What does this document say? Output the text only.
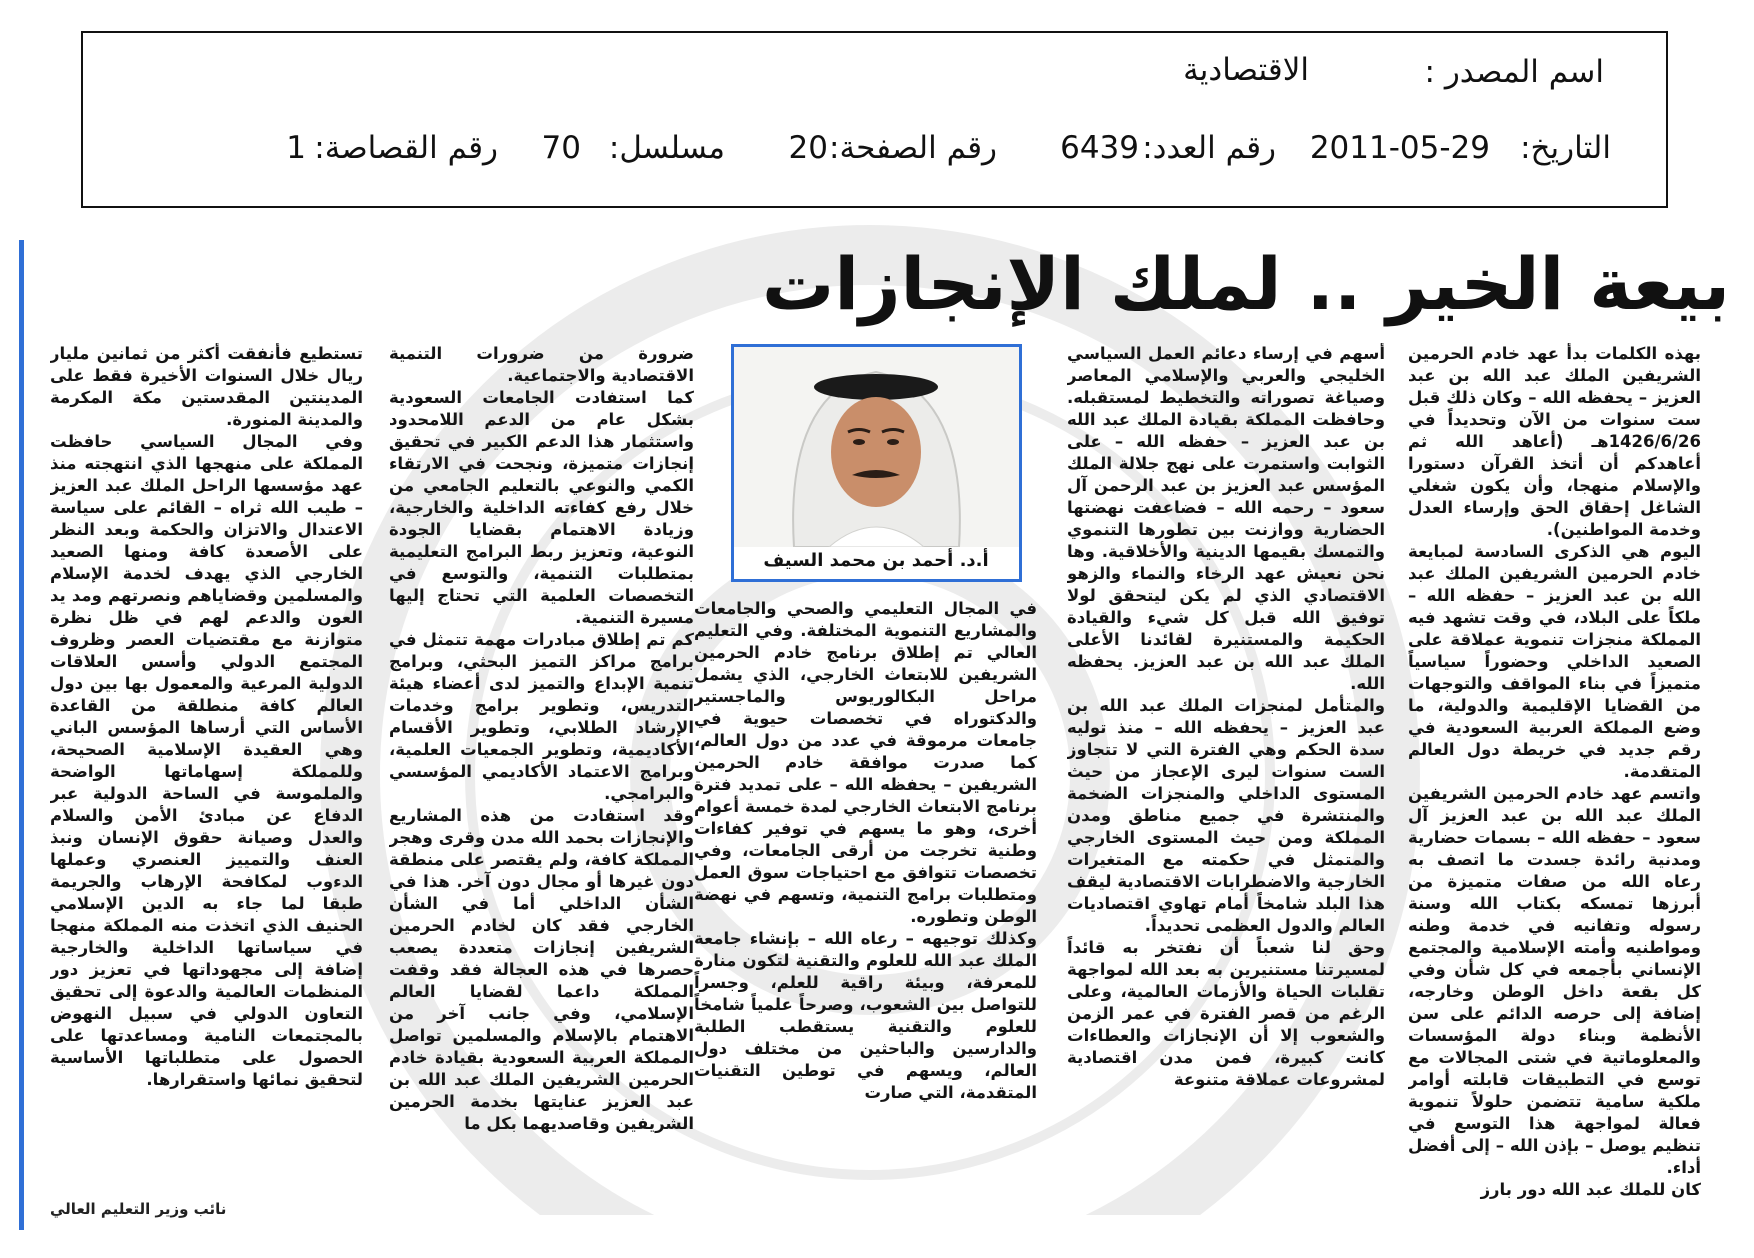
اسم المصدر :
الاقتصادية
التاريخ:
2011-05-29
رقم العدد:
6439
رقم الصفحة:
20
مسلسل:
70
رقم القصاصة:
1
بيعة الخير .. لملك الإنجازات
بهذه الكلمات بدأ عهد خادم الحرمين الشريفين الملك عبد الله بن عبد العزيز – يحفظه الله – وكان ذلك قبل ست سنوات من الآن وتحديداً في 1426/6/26هـ (أعاهد الله ثم أعاهدكم أن أتخذ القرآن دستورا والإسلام منهجا، وأن يكون شغلي الشاغل إحقاق الحق وإرساء العدل وخدمة المواطنين).
اليوم هي الذكرى السادسة لمبايعة خادم الحرمين الشريفين الملك عبد الله بن عبد العزيز – حفظه الله – ملكاً على البلاد، في وقت تشهد فيه المملكة منجزات تنموية عملاقة على الصعيد الداخلي وحضوراً سياسياً متميزاً في بناء المواقف والتوجهات من القضايا الإقليمية والدولية، ما وضع المملكة العربية السعودية في رقم جديد في خريطة دول العالم المتقدمة.
واتسم عهد خادم الحرمين الشريفين الملك عبد الله بن عبد العزيز آل سعود – حفظه الله – بسمات حضارية ومدنية رائدة جسدت ما اتصف به رعاه الله من صفات متميزة من أبرزها تمسكه بكتاب الله وسنة رسوله وتفانيه في خدمة وطنه ومواطنيه وأمته الإسلامية والمجتمع الإنساني بأجمعه في كل شأن وفي كل بقعة داخل الوطن وخارجه، إضافة إلى حرصه الدائم على سن الأنظمة وبناء دولة المؤسسات والمعلوماتية في شتى المجالات مع توسع في التطبيقات قابلته أوامر ملكية سامية تتضمن حلولاً تنموية فعالة لمواجهة هذا التوسع في تنظيم يوصل – بإذن الله – إلى أفضل أداء.
كان للملك عبد الله دور بارز
أسهم في إرساء دعائم العمل السياسي الخليجي والعربي والإسلامي المعاصر وصياغة تصوراته والتخطيط لمستقبله. وحافظت المملكة بقيادة الملك عبد الله بن عبد العزيز – حفظه الله – على الثوابت واستمرت على نهج جلالة الملك المؤسس عبد العزيز بن عبد الرحمن آل سعود – رحمه الله – فضاعفت نهضتها الحضارية ووازنت بين تطورها التنموي والتمسك بقيمها الدينية والأخلاقية. وها نحن نعيش عهد الرخاء والنماء والزهو الاقتصادي الذي لم يكن ليتحقق لولا توفيق الله قبل كل شيء والقيادة الحكيمة والمستنيرة لقائدنا الأعلى الملك عبد الله بن عبد العزيز. يحفظه الله.
والمتأمل لمنجزات الملك عبد الله بن عبد العزيز – يحفظه الله – منذ توليه سدة الحكم وهي الفترة التي لا تتجاوز الست سنوات ليرى الإعجاز من حيث المستوى الداخلي والمنجزات الضخمة والمنتشرة في جميع مناطق ومدن المملكة ومن حيث المستوى الخارجي والمتمثل في حكمته مع المتغيرات الخارجية والاضطرابات الاقتصادية ليقف هذا البلد شامخاً أمام تهاوي اقتصاديات العالم والدول العظمى تحديداً.
وحق لنا شعباً أن نفتخر به قائداً لمسيرتنا مستنيرين به بعد الله لمواجهة تقلبات الحياة والأزمات العالمية، وعلى الرغم من قصر الفترة في عمر الزمن والشعوب إلا أن الإنجازات والعطاءات كانت كبيرة، فمن مدن اقتصادية لمشروعات عملاقة متنوعة
في المجال التعليمي والصحي والجامعات والمشاريع التنموية المختلفة. وفي التعليم العالي تم إطلاق برنامج خادم الحرمين الشريفين للابتعاث الخارجي، الذي يشمل مراحل البكالوريوس والماجستير والدكتوراه في تخصصات حيوية في جامعات مرموقة في عدد من دول العالم، كما صدرت موافقة خادم الحرمين الشريفين – يحفظه الله – على تمديد فترة برنامج الابتعاث الخارجي لمدة خمسة أعوام أخرى، وهو ما يسهم في توفير كفاءات وطنية تخرجت من أرقى الجامعات، وفي تخصصات تتوافق مع احتياجات سوق العمل ومتطلبات برامج التنمية، وتسهم في نهضة الوطن وتطوره.
وكذلك توجيهه – رعاه الله – بإنشاء جامعة الملك عبد الله للعلوم والتقنية لتكون منارة للمعرفة، وبيئة راقية للعلم، وجسراً للتواصل بين الشعوب، وصرحاً علمياً شامخاً للعلوم والتقنية يستقطب الطلبة والدارسين والباحثين من مختلف دول العالم، ويسهم في توطين التقنيات المتقدمة، التي صارت
ضرورة من ضرورات التنمية الاقتصادية والاجتماعية.
كما استفادت الجامعات السعودية بشكل عام من الدعم اللامحدود واستثمار هذا الدعم الكبير في تحقيق إنجازات متميزة، ونجحت في الارتقاء الكمي والنوعي بالتعليم الجامعي من خلال رفع كفاءته الداخلية والخارجية، وزيادة الاهتمام بقضايا الجودة النوعية، وتعزيز ربط البرامج التعليمية بمتطلبات التنمية، والتوسع في التخصصات العلمية التي تحتاج إليها مسيرة التنمية.
كم تم إطلاق مبادرات مهمة تتمثل في برامج مراكز التميز البحثي، وبرامج تنمية الإبداع والتميز لدى أعضاء هيئة التدريس، وتطوير برامج وخدمات الإرشاد الطلابي، وتطوير الأقسام الأكاديمية، وتطوير الجمعيات العلمية، وبرامج الاعتماد الأكاديمي المؤسسي والبرامجي.
وقد استفادت من هذه المشاريع والإنجازات بحمد الله مدن وقرى وهجر المملكة كافة، ولم يقتصر على منطقة دون غيرها أو مجال دون آخر. هذا في الشأن الداخلي أما في الشأن الخارجي فقد كان لخادم الحرمين الشريفين إنجازات متعددة يصعب حصرها في هذه العجالة فقد وقفت المملكة داعما لقضايا العالم الإسلامي، وفي جانب آخر من الاهتمام بالإسلام والمسلمين تواصل المملكة العربية السعودية بقيادة خادم الحرمين الشريفين الملك عبد الله بن عبد العزيز عنايتها بخدمة الحرمين الشريفين وقاصديهما بكل ما
تستطيع فأنفقت أكثر من ثمانين مليار ريال خلال السنوات الأخيرة فقط على المدينتين المقدستين مكة المكرمة والمدينة المنورة.
وفي المجال السياسي حافظت المملكة على منهجها الذي انتهجته منذ عهد مؤسسها الراحل الملك عبد العزيز – طيب الله ثراه – القائم على سياسة الاعتدال والاتزان والحكمة وبعد النظر على الأصعدة كافة ومنها الصعيد الخارجي الذي يهدف لخدمة الإسلام والمسلمين وقضاياهم ونصرتهم ومد يد العون والدعم لهم في ظل نظرة متوازنة مع مقتضيات العصر وظروف المجتمع الدولي وأسس العلاقات الدولية المرعية والمعمول بها بين دول العالم كافة منطلقة من القاعدة الأساس التي أرساها المؤسس الباني وهي العقيدة الإسلامية الصحيحة، وللمملكة إسهاماتها الواضحة والملموسة في الساحة الدولية عبر الدفاع عن مبادئ الأمن والسلام والعدل وصيانة حقوق الإنسان ونبذ العنف والتمييز العنصري وعملها الدءوب لمكافحة الإرهاب والجريمة طبقا لما جاء به الدين الإسلامي الحنيف الذي اتخذت منه المملكة منهجا في سياساتها الداخلية والخارجية إضافة إلى مجهوداتها في تعزيز دور المنظمات العالمية والدعوة إلى تحقيق التعاون الدولي في سبيل النهوض بالمجتمعات النامية ومساعدتها على الحصول على متطلباتها الأساسية لتحقيق نمائها واستقرارها.
أ.د. أحمد بن محمد السيف
نائب وزير التعليم العالي
